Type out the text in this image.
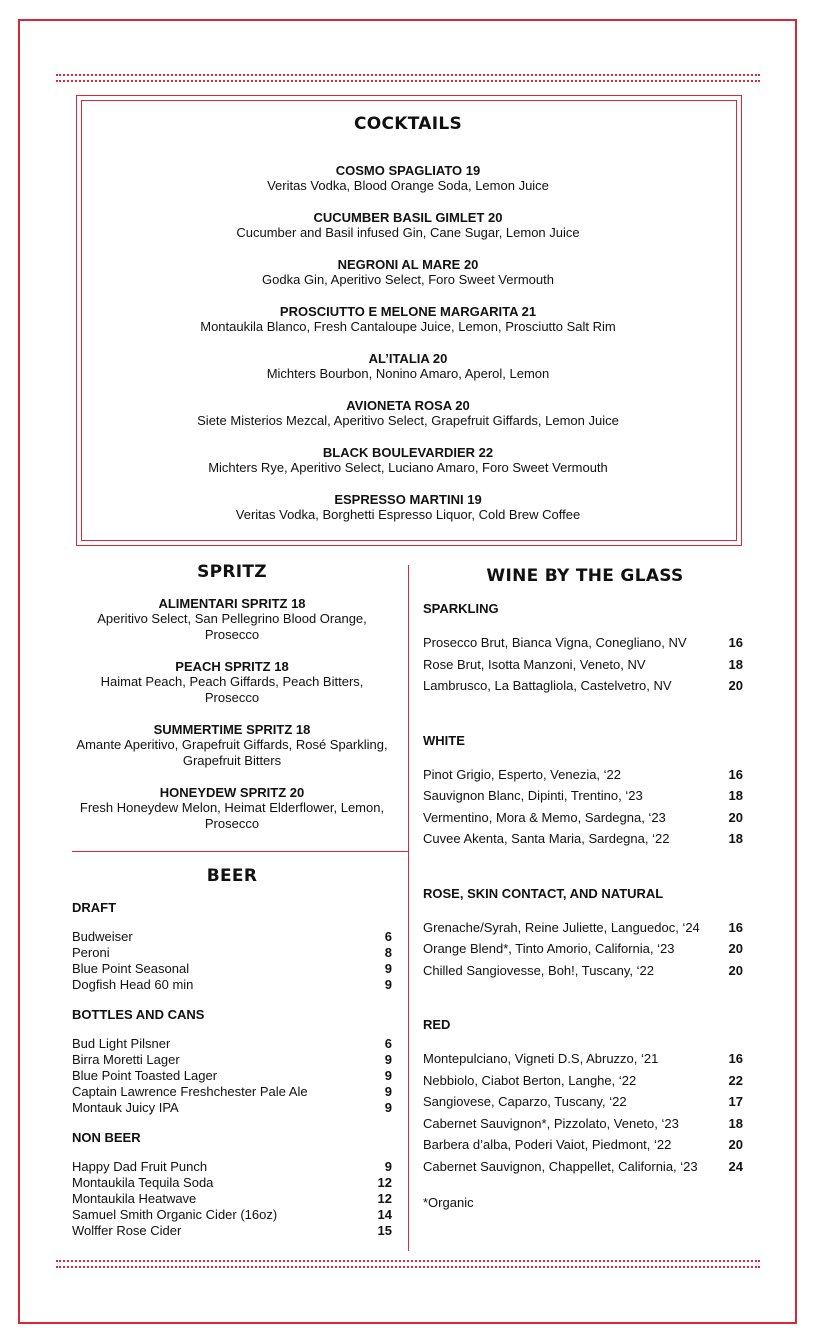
COCKTAILS
COSMO SPAGLIATO 19
Veritas Vodka, Blood Orange Soda, Lemon Juice
CUCUMBER BASIL GIMLET 20
Cucumber and Basil infused Gin, Cane Sugar, Lemon Juice
NEGRONI AL MARE 20
Godka Gin, Aperitivo Select, Foro Sweet Vermouth
PROSCIUTTO E MELONE MARGARITA 21
Montaukila Blanco, Fresh Cantaloupe Juice, Lemon, Prosciutto Salt Rim
AL’ITALIA 20
Michters Bourbon, Nonino Amaro, Aperol, Lemon
AVIONETA ROSA 20
Siete Misterios Mezcal, Aperitivo Select, Grapefruit Giffards, Lemon Juice
BLACK BOULEVARDIER 22
Michters Rye, Aperitivo Select, Luciano Amaro, Foro Sweet Vermouth
ESPRESSO MARTINI 19
Veritas Vodka, Borghetti Espresso Liquor, Cold Brew Coffee
SPRITZ
ALIMENTARI SPRITZ 18
Aperitivo Select, San Pellegrino Blood Orange, Prosecco
PEACH SPRITZ 18
Haimat Peach, Peach Giffards, Peach Bitters, Prosecco
SUMMERTIME SPRITZ 18
Amante Aperitivo, Grapefruit Giffards, Rosé Sparkling, Grapefruit Bitters
HONEYDEW SPRITZ 20
Fresh Honeydew Melon, Heimat Elderflower, Lemon, Prosecco
BEER
DRAFT
Budweiser	6
Peroni	8
Blue Point Seasonal	9
Dogfish Head 60 min	9
BOTTLES AND CANS
Bud Light Pilsner	6
Birra Moretti Lager	9
Blue Point Toasted Lager	9
Captain Lawrence Freshchester Pale Ale	9
Montauk Juicy IPA	9
NON BEER
Happy Dad Fruit Punch	9
Montaukila Tequila Soda	12
Montaukila Heatwave	12
Samuel Smith Organic Cider (16oz)	14
Wolffer Rose Cider	15
WINE BY THE GLASS
SPARKLING
Prosecco Brut, Bianca Vigna, Conegliano, NV	16
Rose Brut, Isotta Manzoni, Veneto, NV	18
Lambrusco, La Battagliola, Castelvetro, NV	20
WHITE
Pinot Grigio, Esperto, Venezia, ‘22	16
Sauvignon Blanc, Dipinti, Trentino, ‘23	18
Vermentino, Mora & Memo, Sardegna, ‘23	20
Cuvee Akenta, Santa Maria, Sardegna, ‘22	18
ROSE, SKIN CONTACT, AND NATURAL
Grenache/Syrah, Reine Juliette, Languedoc, ‘24 16
Orange Blend*, Tinto Amorio, California, ‘23	20
Chilled Sangiovesse, Boh!, Tuscany, ‘22	20
RED
Montepulciano, Vigneti D.S, Abruzzo, ‘21	16
Nebbiolo, Ciabot Berton, Langhe, ‘22	22
Sangiovese, Caparzo, Tuscany, ‘22	17
Cabernet Sauvignon*, Pizzolato, Veneto, ‘23	18
Barbera d’alba, Poderi Vaiot, Piedmont, ‘22	20
Cabernet Sauvignon, Chappellet, California, ‘23 24
*Organic
